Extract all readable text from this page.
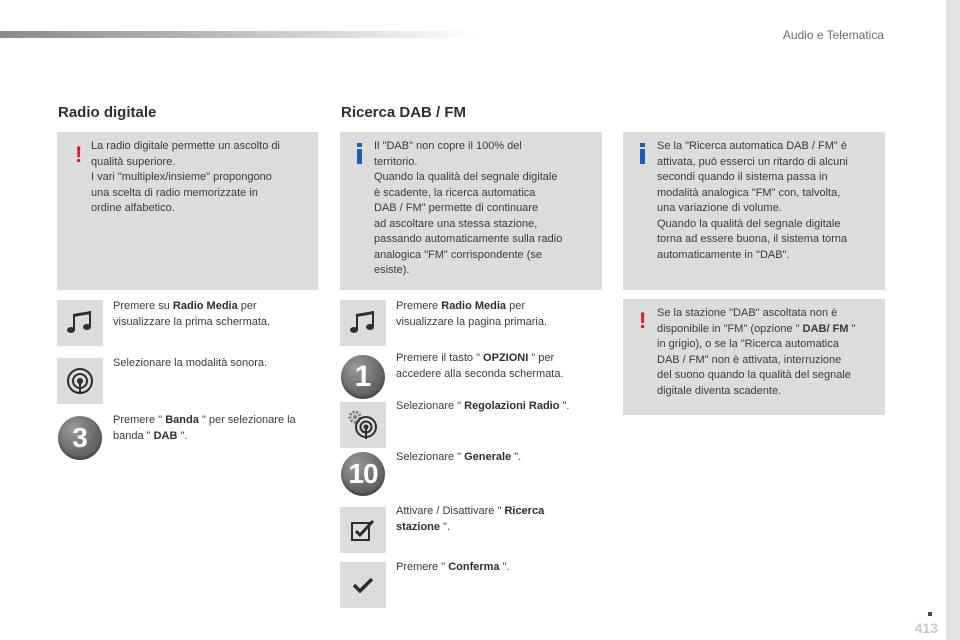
Audio e Telematica
Radio digitale
! La radio digitale permette un ascolto di
qualità superiore.
I vari "multiplex/insieme" propongono
una scelta di radio memorizzate in
ordine alfabetico.
Premere su Radio Media per
visualizzare la prima schermata.
Selezionare la modalità sonora.
3
Premere " Banda " per selezionare la
banda " DAB ".
Ricerca DAB / FM
Il "DAB" non copre il 100% del
territorio.
Quando la qualità del segnale digitale
è scadente, la ricerca automatica
DAB / FM" permette di continuare
ad ascoltare una stessa stazione,
passando automaticamente sulla radio
analogica "FM" corrispondente (se
esiste).
Premere Radio Media per
visualizzare la pagina primaria.
1
Premere il tasto " OPZIONI " per
accedere alla seconda schermata.
Selezionare " Regolazioni Radio ".
10
Selezionare " Generale ".
Attivare / Disattivare " Ricerca
stazione ".
Premere " Conferma ".
Se la "Ricerca automatica DAB / FM" è
attivata, può esserci un ritardo di alcuni
secondi quando il sistema passa in
modalità analogica "FM" con, talvolta,
una variazione di volume.
Quando la qualità del segnale digitale
torna ad essere buona, il sistema torna
automaticamente in "DAB".
! Se la stazione "DAB" ascoltata non è
disponibile in "FM" (opzione " DAB/ FM "
in grigio), o se la "Ricerca automatica
DAB / FM" non è attivata, interruzione
del suono quando la qualità del segnale
digitale diventa scadente.
413
